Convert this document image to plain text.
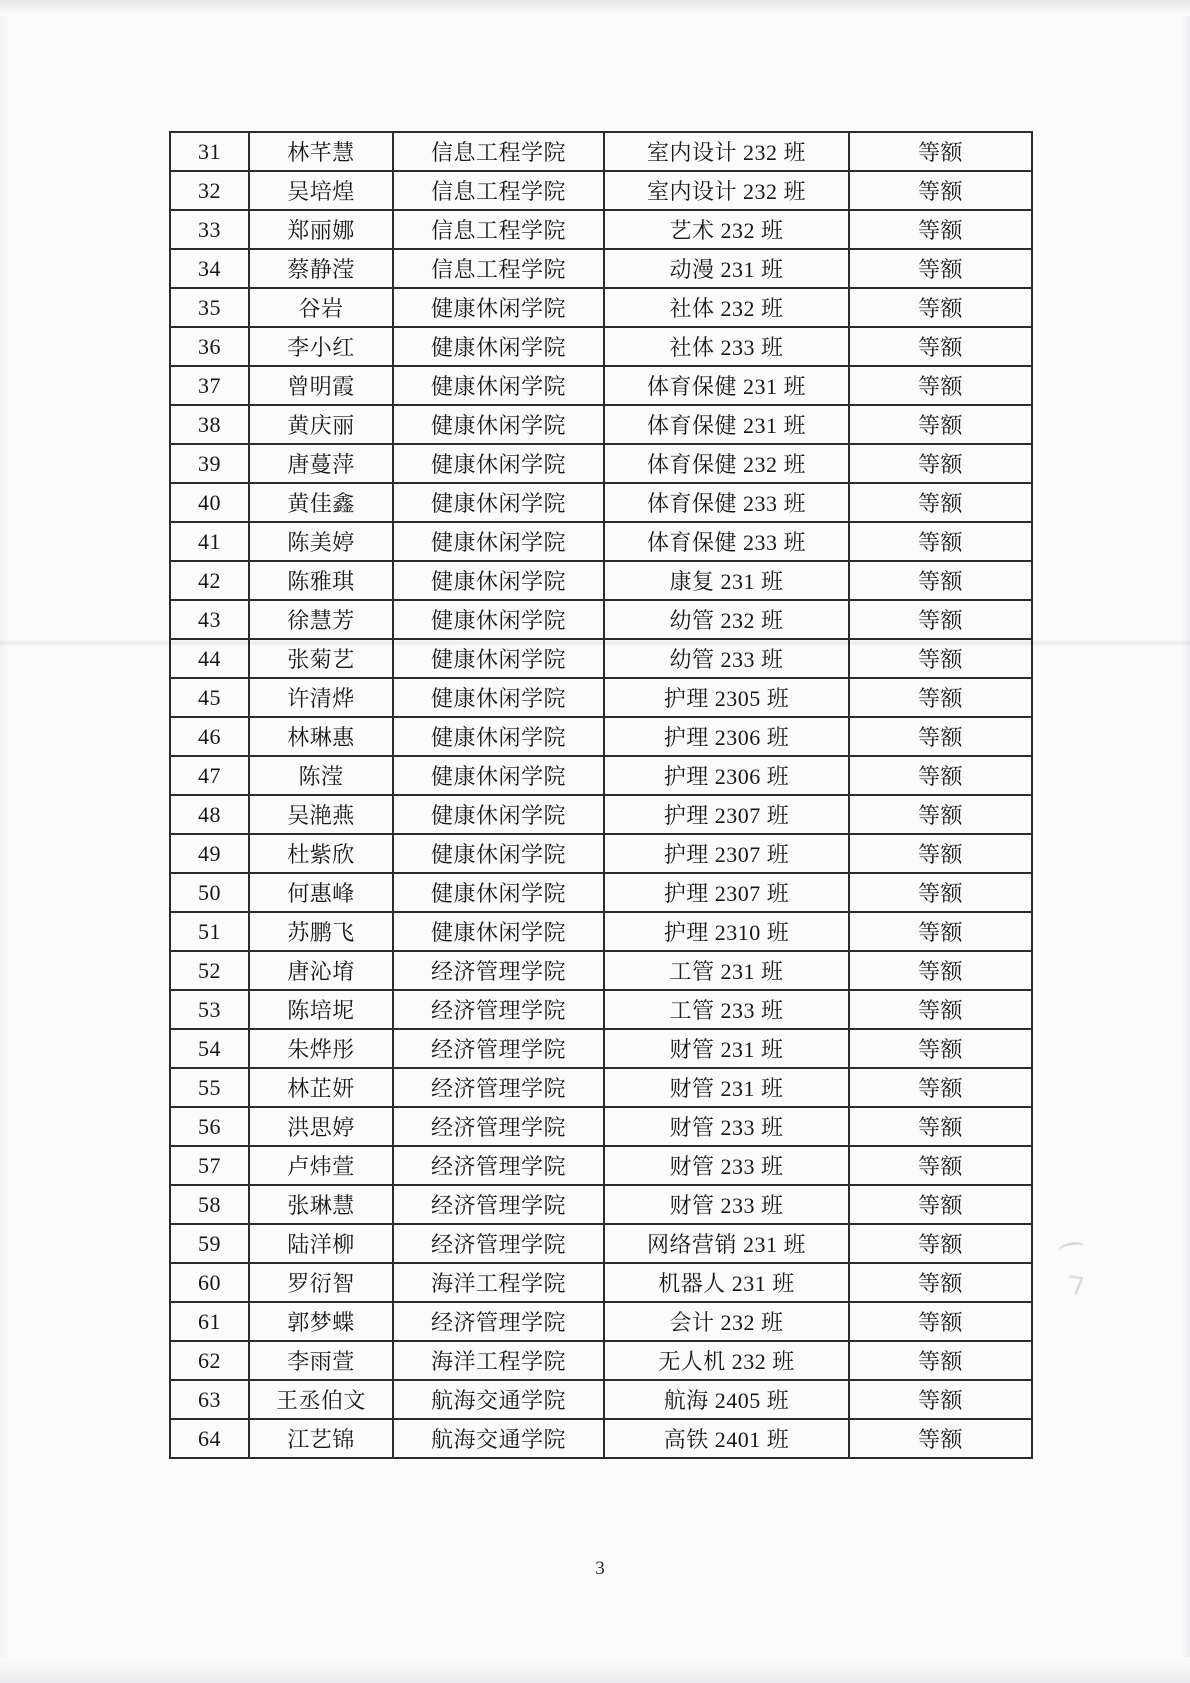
31	林芊慧	信息工程学院	室内设计 232 班	等额
32	吴培煌	信息工程学院	室内设计 232 班	等额
33	郑丽娜	信息工程学院	艺术 232 班	等额
34	蔡静滢	信息工程学院	动漫 231 班	等额
35	谷岩	健康休闲学院	社体 232 班	等额
36	李小红	健康休闲学院	社体 233 班	等额
37	曾明霞	健康休闲学院	体育保健 231 班	等额
38	黄庆丽	健康休闲学院	体育保健 231 班	等额
39	唐蔓萍	健康休闲学院	体育保健 232 班	等额
40	黄佳鑫	健康休闲学院	体育保健 233 班	等额
41	陈美婷	健康休闲学院	体育保健 233 班	等额
42	陈雅琪	健康休闲学院	康复 231 班	等额
43	徐慧芳	健康休闲学院	幼管 232 班	等额
44	张菊艺	健康休闲学院	幼管 233 班	等额
45	许清烨	健康休闲学院	护理 2305 班	等额
46	林琳惠	健康休闲学院	护理 2306 班	等额
47	陈滢	健康休闲学院	护理 2306 班	等额
48	吴滟燕	健康休闲学院	护理 2307 班	等额
49	杜紫欣	健康休闲学院	护理 2307 班	等额
50	何惠峰	健康休闲学院	护理 2307 班	等额
51	苏鹏飞	健康休闲学院	护理 2310 班	等额
52	唐沁堉	经济管理学院	工管 231 班	等额
53	陈培坭	经济管理学院	工管 233 班	等额
54	朱烨彤	经济管理学院	财管 231 班	等额
55	林芷妍	经济管理学院	财管 231 班	等额
56	洪思婷	经济管理学院	财管 233 班	等额
57	卢炜萱	经济管理学院	财管 233 班	等额
58	张琳慧	经济管理学院	财管 233 班	等额
59	陆洋柳	经济管理学院	网络营销 231 班	等额
60	罗衍智	海洋工程学院	机器人 231 班	等额
61	郭梦蝶	经济管理学院	会计 232 班	等额
62	李雨萱	海洋工程学院	无人机 232 班	等额
63	王丞伯文	航海交通学院	航海 2405 班	等额
64	江艺锦	航海交通学院	高铁 2401 班	等额
3
